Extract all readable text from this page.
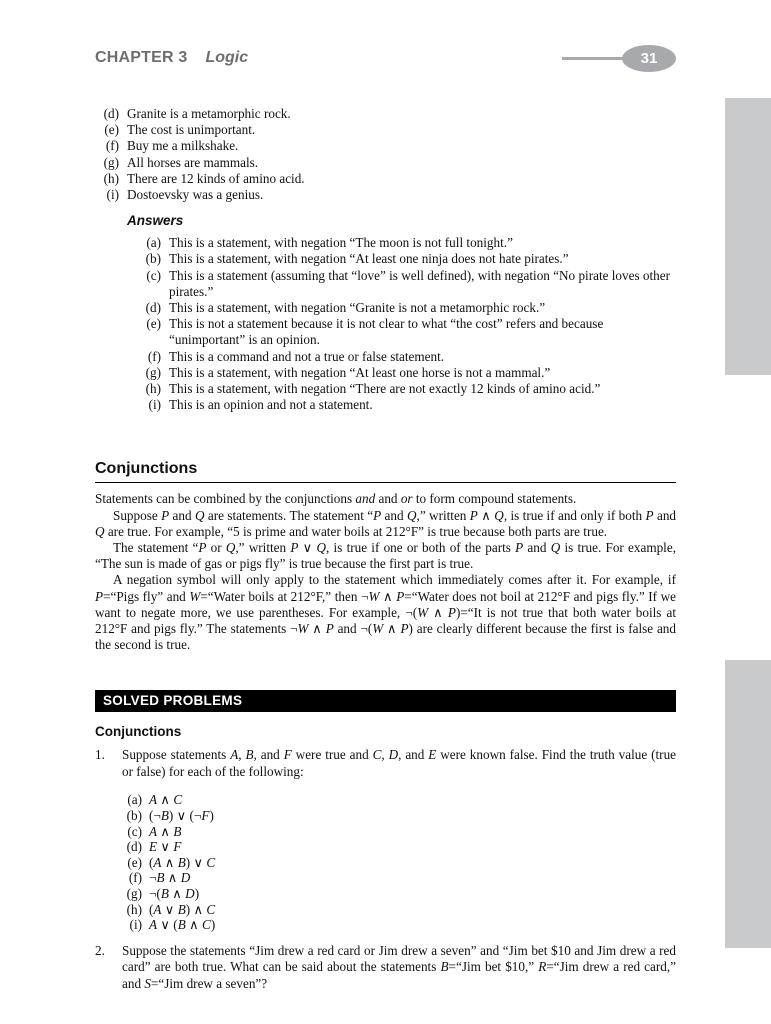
CHAPTER 3 Logic	31
(d) Granite is a metamorphic rock.
(e) The cost is unimportant.
(f) Buy me a milkshake.
(g) All horses are mammals.
(h) There are 12 kinds of amino acid.
(i) Dostoevsky was a genius.
Answers
(a) This is a statement, with negation “The moon is not full tonight.”
(b) This is a statement, with negation “At least one ninja does not hate pirates.”
(c) This is a statement (assuming that “love” is well defined), with negation “No pirate loves other pirates.”
(d) This is a statement, with negation “Granite is not a metamorphic rock.”
(e) This is not a statement because it is not clear to what “the cost” refers and because “unimportant” is an opinion.
(f) This is a command and not a true or false statement.
(g) This is a statement, with negation “At least one horse is not a mammal.”
(h) This is a statement, with negation “There are not exactly 12 kinds of amino acid.”
(i) This is an opinion and not a statement.
Conjunctions

Statements can be combined by the conjunctions and and or to form compound statements.

Suppose P and Q are statements. The statement “P and Q,” written P ∧ Q, is true if and only if both P and Q are true. For example, “5 is prime and water boils at 212°F” is true because both parts are true.

The statement “P or Q,” written P ∨ Q, is true if one or both of the parts P and Q is true. For example, “The sun is made of gas or pigs fly” is true because the first part is true.

A negation symbol will only apply to the statement which immediately comes after it. For example, if P=“Pigs fly” and W=“Water boils at 212°F,” then ¬W ∧ P=“Water does not boil at 212°F and pigs fly.” If we want to negate more, we use parentheses. For example, ¬(W ∧ P)=“It is not true that both water boils at 212°F and pigs fly.” The statements ¬W ∧ P and ¬(W ∧ P) are clearly different because the first is false and the second is true.

SOLVED PROBLEMS
Conjunctions
1.	Suppose statements A, B, and F were true and C, D, and E were known false. Find the truth value (true or false) for each of the following:
(a) A ∧ C
(b) (¬B) ∨ (¬F)
(c) A ∧ B
(d) E ∨ F
(e) (A ∧ B) ∨ C
(f) ¬B ∧ D
(g) ¬(B ∧ D)
(h) (A ∨ B) ∧ C
(i) A ∨ (B ∧ C)
2.	Suppose the statements “Jim drew a red card or Jim drew a seven” and “Jim bet $10 and Jim drew a red card” are both true. What can be said about the statements B=“Jim bet $10,” R=“Jim drew a red card,” and S=“Jim drew a seven”?
